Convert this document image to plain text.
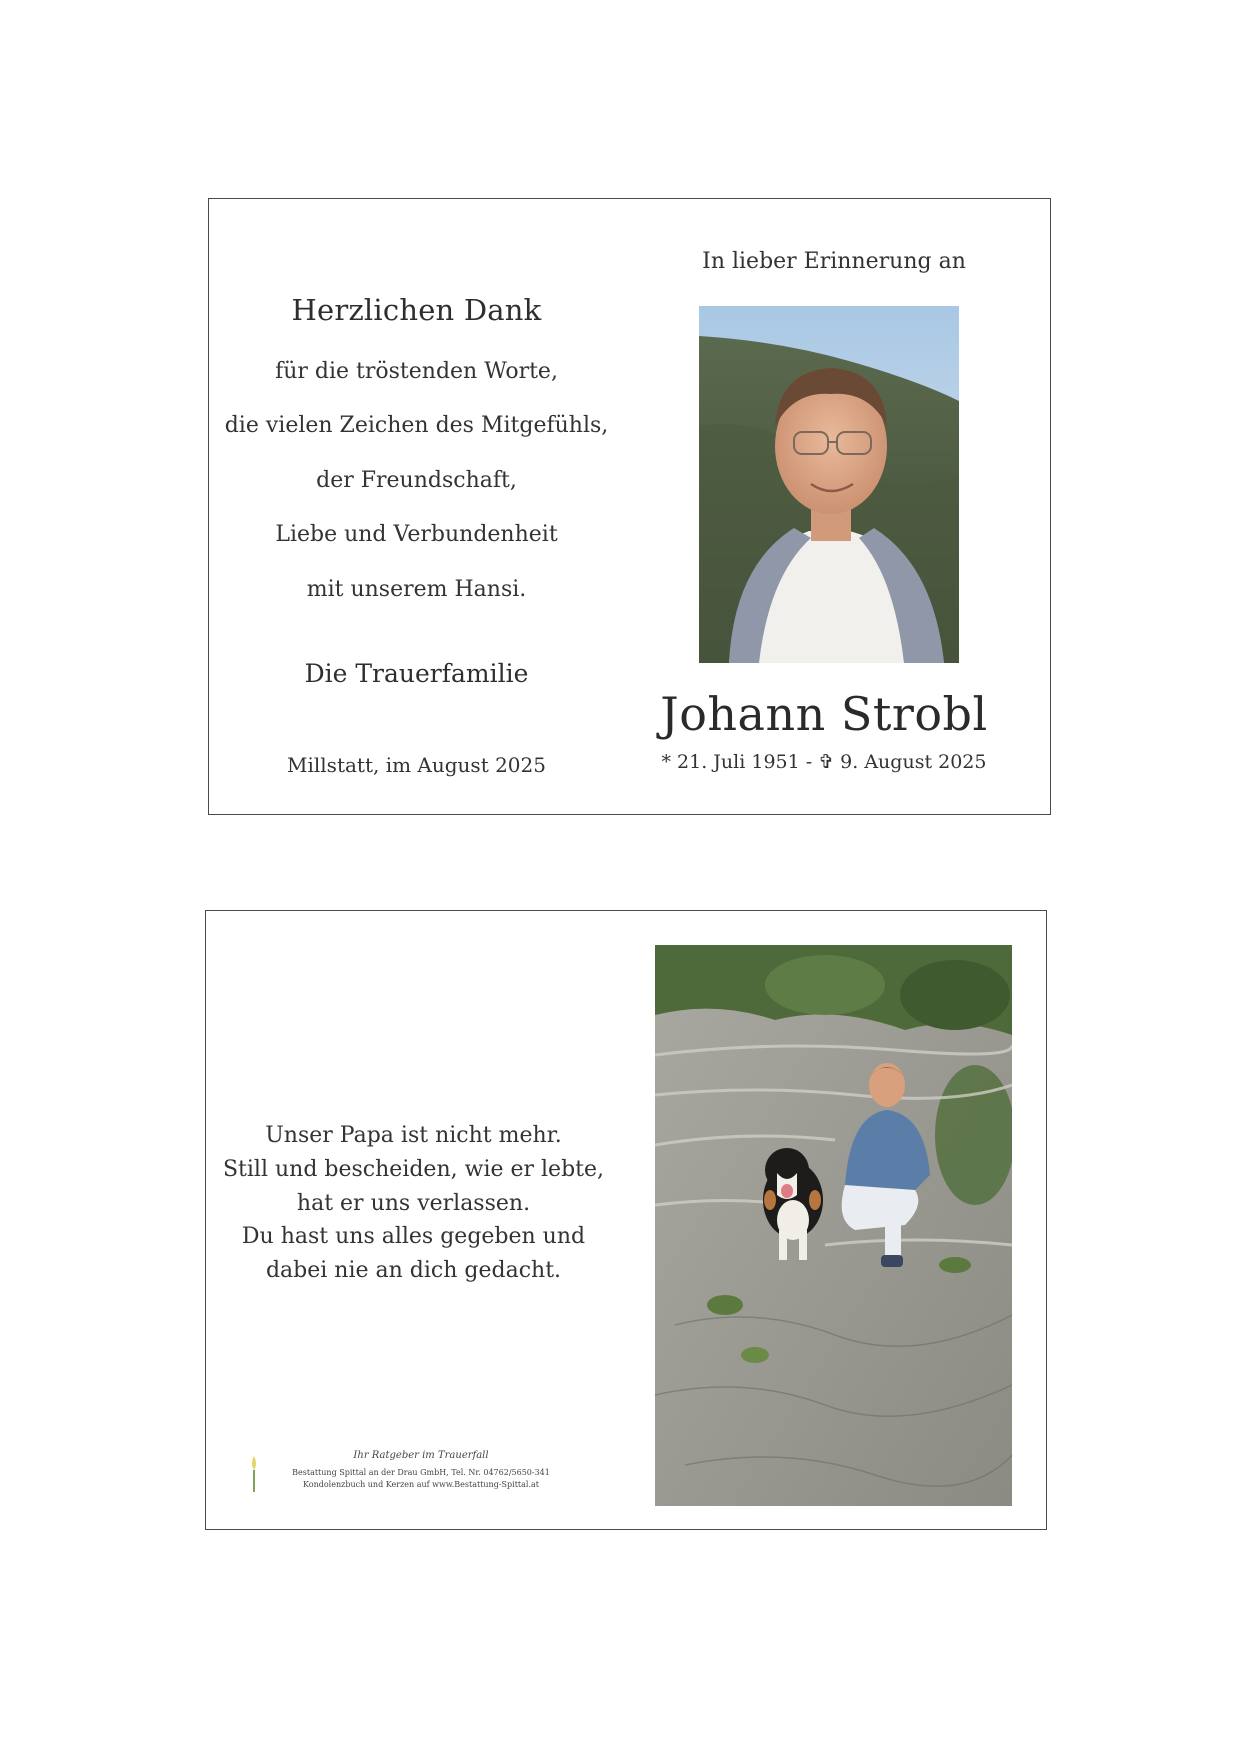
Herzlichen Dank
für die tröstenden Worte,
die vielen Zeichen des Mitgefühls,
der Freundschaft,
Liebe und Verbundenheit
mit unserem Hansi.
Die Trauerfamilie
Millstatt, im August 2025
In lieber Erinnerung an
Johann Strobl
* 21. Juli 1951 - ✞ 9. August 2025
Unser Papa ist nicht mehr.
Still und bescheiden, wie er lebte,
hat er uns verlassen.
Du hast uns alles gegeben und
dabei nie an dich gedacht.
Ihr Ratgeber im Trauerfall
Bestattung Spittal an der Drau GmbH, Tel. Nr. 04762/5650-341
Kondolenzbuch und Kerzen auf www.Bestattung-Spittal.at
